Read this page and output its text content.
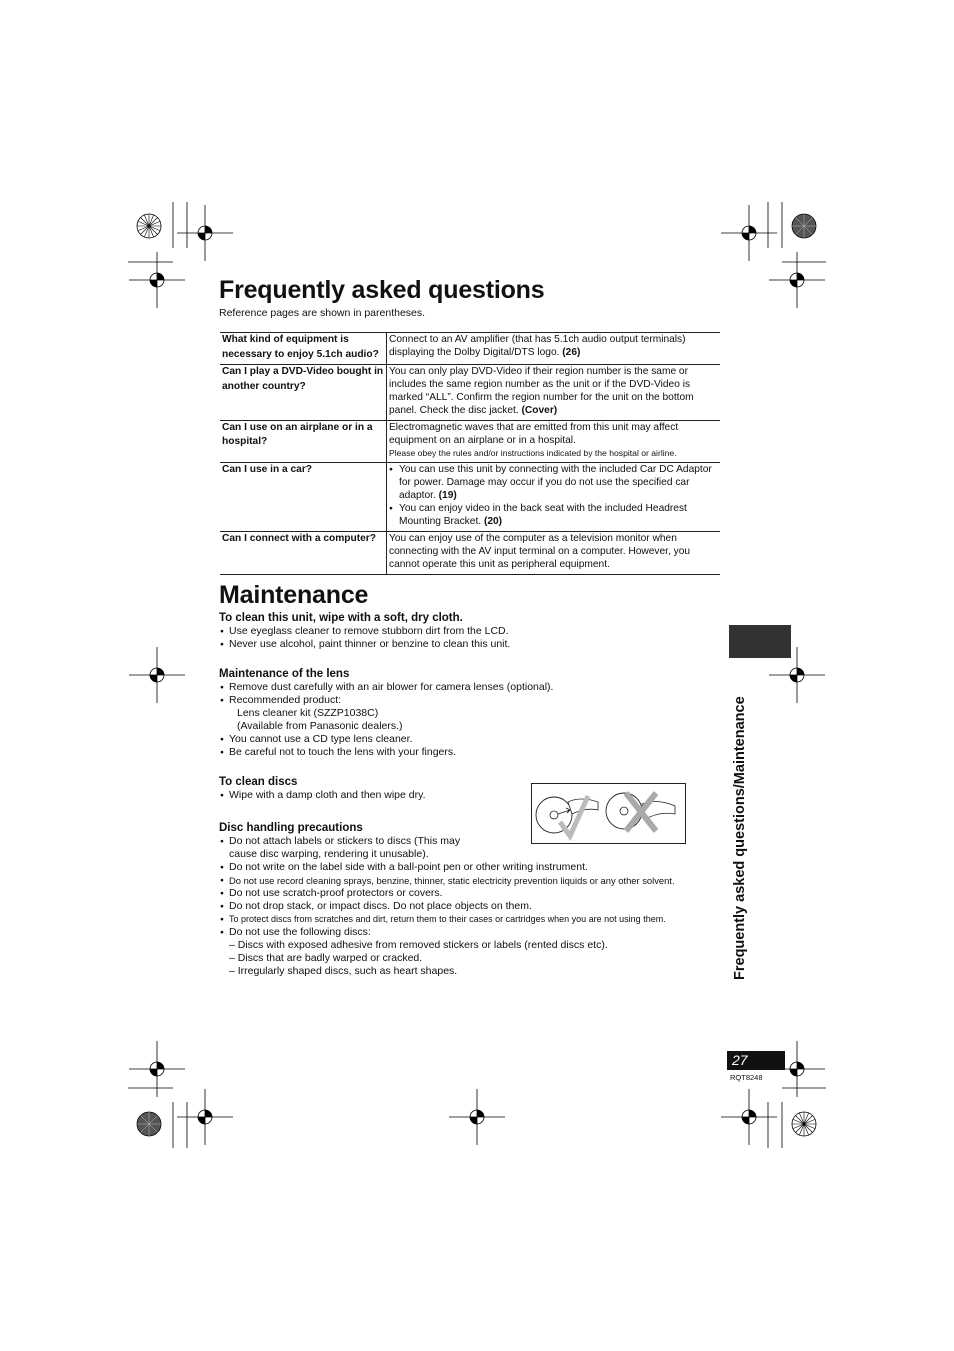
Frequently asked questions
Reference pages are shown in parentheses.
What kind of equipment is necessary to enjoy 5.1ch audio?	Connect to an AV amplifier (that has 5.1ch audio output terminals) displaying the Dolby Digital/DTS logo. (26)
Can I play a DVD-Video bought in another country?	You can only play DVD-Video if their region number is the same or includes the same region number as the unit or if the DVD-Video is marked “ALL”. Confirm the region number for the unit on the bottom panel. Check the disc jacket. (Cover)
Can I use on an airplane or in a hospital?	Electromagnetic waves that are emitted from this unit may affect equipment on an airplane or in a hospital.
Please obey the rules and/or instructions indicated by the hospital or airline.

Can I use in a car?	● You can use this unit by connecting with the included Car DC Adaptor for power. Damage may occur if you do not use the specified car adaptor. (19)
● You can enjoy video in the back seat with the included Headrest Mounting Bracket. (20)

Can I connect with a computer?	You can enjoy use of the computer as a television monitor when connecting with the AV input terminal on a computer. However, you cannot operate this unit as peripheral equipment.
Maintenance
To clean this unit, wipe with a soft, dry cloth.
● Use eyeglass cleaner to remove stubborn dirt from the LCD.
● Never use alcohol, paint thinner or benzine to clean this unit.
Maintenance of the lens
● Remove dust carefully with an air blower for camera lenses (optional).
● Recommended product:
Lens cleaner kit (SZZP1038C)
(Available from Panasonic dealers.)
● You cannot use a CD type lens cleaner.
● Be careful not to touch the lens with your fingers.
To clean discs
● Wipe with a damp cloth and then wipe dry.
Disc handling precautions
● Do not attach labels or stickers to discs (This may
cause disc warping, rendering it unusable).
● Do not write on the label side with a ball-point pen or other writing instrument.
● Do not use record cleaning sprays, benzine, thinner, static electricity prevention liquids or any other solvent.
● Do not use scratch-proof protectors or covers.
● Do not drop stack, or impact discs. Do not place objects on them.
● To protect discs from scratches and dirt, return them to their cases or cartridges when you are not using them.
● Do not use the following discs:
– Discs with exposed adhesive from removed stickers or labels (rented discs etc).
– Discs that are badly warped or cracked.
– Irregularly shaped discs, such as heart shapes.	Frequently asked questions/Maintenance
27
RQT8248
